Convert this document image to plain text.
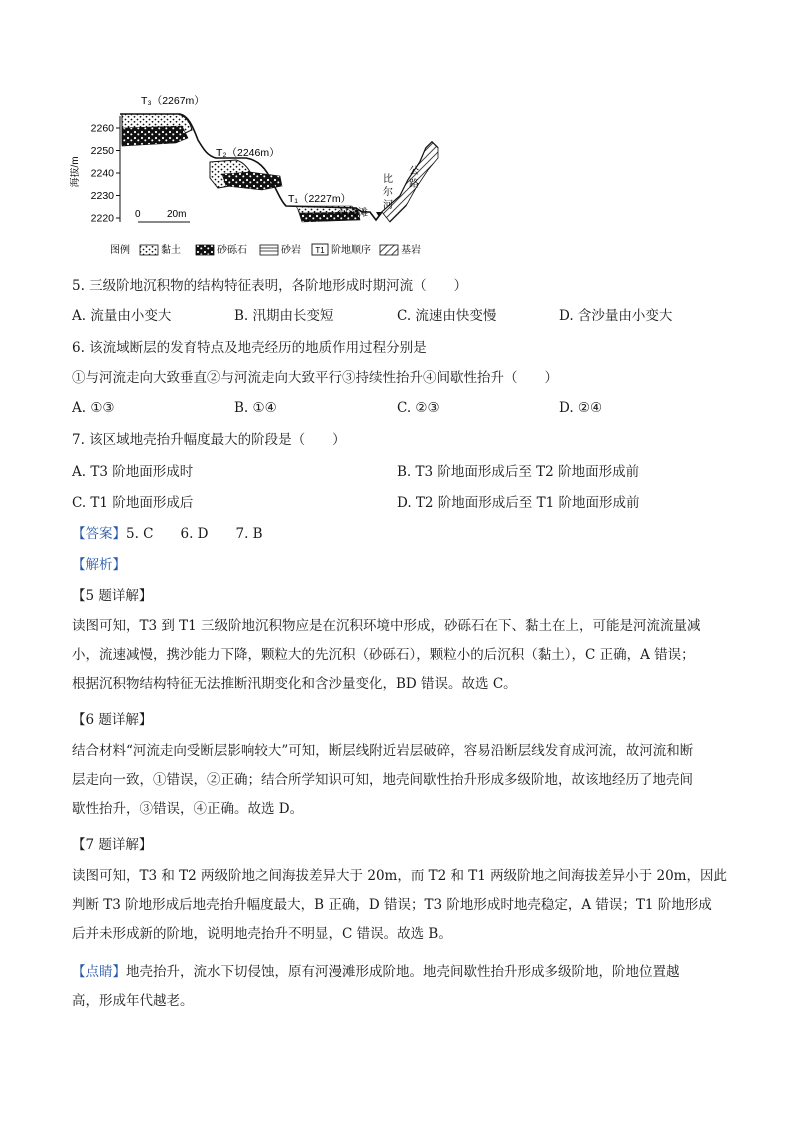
海拔/m
2260
2250
2240
2230
2220
T₃（2267m）
T₂（2246m）
T₁（2227m）
比
尔
河
河漫滩
公
路
0	20m
图例	黏土	砂砾石	砂岩 T1 阶地顺序	基岩
5. 三级阶地沉积物的结构特征表明，各阶地形成时期河流（　　）
A. 流量由小变大	B. 汛期由长变短	C. 流速由快变慢	D. 含沙量由小变大
6. 该流域断层的发育特点及地壳经历的地质作用过程分别是
①与河流走向大致垂直②与河流走向大致平行③持续性抬升④间歇性抬升（　　）
A. ①③	B. ①④	C. ②③	D. ②④
7. 该区域地壳抬升幅度最大的阶段是（　　）
A. T3 阶地面形成时	B. T3 阶地面形成后至 T2 阶地面形成前
C. T1 阶地面形成后	D. T2 阶地面形成后至 T1 阶地面形成前
【答案】5. C　　6. D　　7. B
【解析】
【5 题详解】
读图可知，T3 到 T1 三级阶地沉积物应是在沉积环境中形成，砂砾石在下、黏土在上，可能是河流流量减
小，流速减慢，携沙能力下降，颗粒大的先沉积（砂砾石），颗粒小的后沉积（黏土），C 正确，A 错误；
根据沉积物结构特征无法推断汛期变化和含沙量变化，BD 错误。故选 C。
【6 题详解】
结合材料“河流走向受断层影响较大”可知，断层线附近岩层破碎，容易沿断层线发育成河流，故河流和断
层走向一致，①错误，②正确；结合所学知识可知，地壳间歇性抬升形成多级阶地，故该地经历了地壳间
歇性抬升，③错误，④正确。故选 D。
【7 题详解】
读图可知，T3 和 T2 两级阶地之间海拔差异大于 20m，而 T2 和 T1 两级阶地之间海拔差异小于 20m，因此
判断 T3 阶地形成后地壳抬升幅度最大，B 正确，D 错误；T3 阶地形成时地壳稳定，A 错误；T1 阶地形成
后并未形成新的阶地，说明地壳抬升不明显，C 错误。故选 B。
【点睛】地壳抬升，流水下切侵蚀，原有河漫滩形成阶地。地壳间歇性抬升形成多级阶地，阶地位置越
高，形成年代越老。
